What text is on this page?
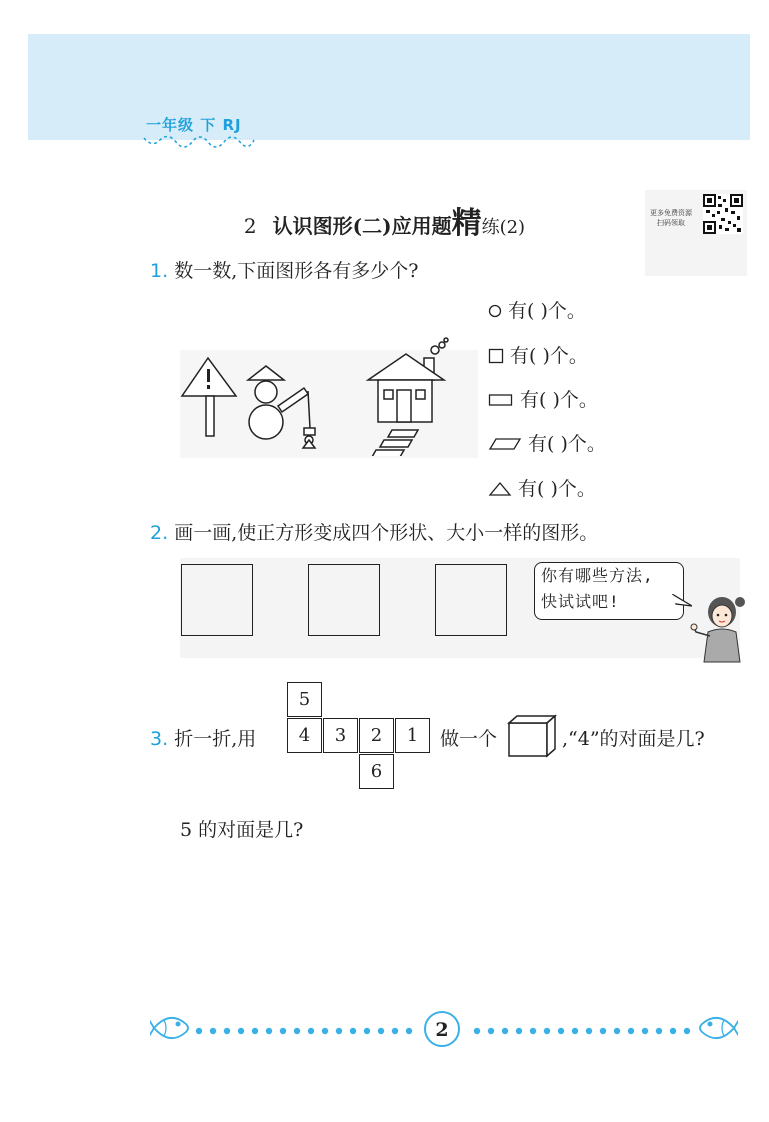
一年级 下 RJ
2 认识图形(二)应用题精练(2)
更多免费资源
扫码领取
1. 数一数,下面图形各有多少个?
有( )个。
有( )个。
有( )个。
有( )个。
有( )个。
2. 画一画,使正方形变成四个形状、大小一样的图形。
你有哪些方法,
快试试吧!
3. 折一折,用
5
4	3	2	1
6
做一个	,“4”的对面是几?
5 的对面是几?
2
